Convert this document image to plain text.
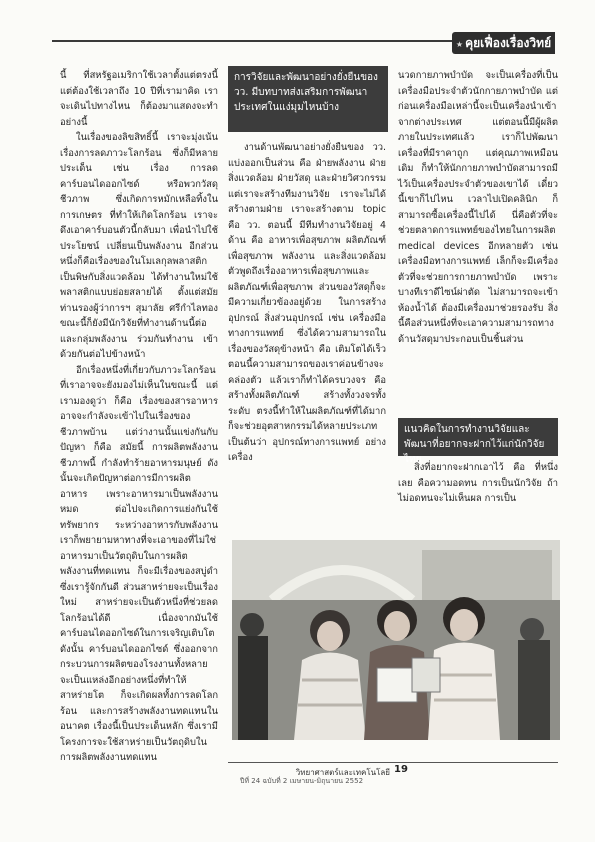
★ คุยเฟื่องเรื่องวิทย์

นี้ ที่สหรัฐอเมริกาใช้เวลาตั้งแต่ตรงนี้ แต่ต้องใช้เวลาถึง 10 ปีที่เรามาคิด เราจะเดินไปทางไหน ก็ต้องมาแสดงจะทำอย่างนี้

ในเรื่องของลิขสิทธิ์นี้ เราจะมุ่งเน้นเรื่องการลดภาวะโลกร้อน ซึ่งก็มีหลายประเด็น เช่น เรื่อง การลดคาร์บอนไดออกไซด์ หรือพวกวัสดุชีวภาพ ซึ่งเกิดการหมักเหลือทิ้งในการเกษตร ที่ทำให้เกิดโลกร้อน เราจะดึงเอาคาร์บอนตัวนี้กลับมา เพื่อนำไปใช้ประโยชน์ เปลี่ยนเป็นพลังงาน อีกส่วนหนึ่งก็คือเรื่องของในโมเลกุลพลาสติก เป็นพิษกับสิ่งแวดล้อม ได้ทำงานใหม่ใช้พลาสติกแบบย่อยสลายได้ ตั้งแต่สมัย ท่านรองผู้ว่าการฯ สุมาลัย ศรีกำไลทอง ขณะนี้ก็ยังมีนักวิจัยที่ทำงานด้านนี้ต่อ และกลุ่มพลังงาน ร่วมกันทำงาน เข้าด้วยกันต่อไปข้างหน้า

อีกเรื่องหนึ่งที่เกี่ยวกับภาวะโลกร้อน ที่เราอาจจะยังมองไม่เห็นในขณะนี้ แต่เรามองดูว่า ก็คือ เรื่องของสารอาหาร อาจจะกำลังจะเข้าไปในเรื่องของชีวภาพบ้าน แต่ว่างานนั้นแข่งกันกับปัญหา ก็คือ สมัยนี้ การผลิตพลังงานชีวภาพนี้ กำลังทำร้ายอาหารมนุษย์ ดังนั้นจะเกิดปัญหาต่อการมีการผลิตอาหาร เพราะอาหารมาเป็นพลังงานหมด ต่อไปจะเกิดการแย่งกันใช้ทรัพยากร ระหว่างอาหารกับพลังงาน เราก็พยายามหาทางที่จะเอาของที่ไม่ใช่อาหารมาเป็นวัตถุดิบในการผลิตพลังงานที่ทดแทน ก็จะมีเรื่องของสบู่ดำ ซึ่งเรารู้จักกันดี ส่วนสาหร่ายจะเป็นเรื่องใหม่ สาหร่ายจะเป็นตัวหนึ่งที่ช่วยลดโลกร้อนได้ดี เนื่องจากมันใช้คาร์บอนไดออกไซด์ในการเจริญเติบโต ดังนั้น คาร์บอนไดออกไซด์ ซึ่งออกจากกระบวนการผลิตของโรงงานทั้งหลาย จะเป็นแหล่งอีกอย่างหนึ่งที่ทำให้สาหร่ายโต ก็จะเกิดผลทั้งการลดโลกร้อน และการสร้างพลังงานทดแทนในอนาคต เรื่องนี้เป็นประเด็นหลัก ซึ่งเรามีโครงการจะใช้สาหร่ายเป็นวัตถุดิบในการผลิตพลังงานทดแทน

การวิจัยและพัฒนาอย่างยั่งยืนของ วว. มีบทบาทส่งเสริมการพัฒนาประเทศในแง่มุมไหนบ้าง

งานด้านพัฒนาอย่างยั่งยืนของ วว. แบ่งออกเป็นส่วน คือ ฝ่ายพลังงาน ฝ่ายสิ่งแวดล้อม ฝ่ายวัสดุ และฝ่ายวิศวกรรม แต่เราจะสร้างทีมงานวิจัย เราจะไม่ได้สร้างตามฝ่าย เราจะสร้างตาม topic คือ วว. ตอนนี้ มีทีมทำงานวิจัยอยู่ 4 ด้าน คือ อาหารเพื่อสุขภาพ ผลิตภัณฑ์เพื่อสุขภาพ พลังงาน และสิ่งแวดล้อม ตัวพูดถึงเรื่องอาหารเพื่อสุขภาพและผลิตภัณฑ์เพื่อสุขภาพ ส่วนของวัสดุก็จะมีความเกี่ยวข้องอยู่ด้วย ในการสร้างอุปกรณ์ สิ่งส่วนอุปกรณ์ เช่น เครื่องมือทางการแพทย์ ซึ่งได้ความสามารถในเรื่องของวัสดุข้างหน้า คือ เติมโตได้เร็ว ตอนนี้ความสามารถของเราค่อนข้างจะคล่องตัว แล้วเราก็ทำได้ครบวงจร คือ สร้างทั้งผลิตภัณฑ์ สร้างทั้งวงจรทั้งระดับ ตรงนี้ทำให้ในผลิตภัณฑ์ที่ได้มาก ก็จะช่วยอุตสาหกรรมได้หลายประเภท เป็นต้นว่า อุปกรณ์ทางการแพทย์ อย่างเครื่อง

นวดกายภาพบำบัด จะเป็นเครื่องที่เป็นเครื่องมือประจำตัวนักกายภาพบำบัด แต่ก่อนเครื่องมือเหล่านี้จะเป็นเครื่องนำเข้าจากต่างประเทศ แต่ตอนนี้มีผู้ผลิตภายในประเทศแล้ว เราก็ไปพัฒนาเครื่องที่มีราคาถูก แต่คุณภาพเหมือนเดิม ก็ทำให้นักกายภาพบำบัดสามารถมีไว้เป็นเครื่องประจำตัวของเขาได้ เดี๋ยวนี้เขาก็ไปไหน เวลาไปเปิดคลินิก ก็สามารถซื้อเครื่องนี้ไปได้ นี่คือตัวที่จะช่วยตลาดการแพทย์ของไทยในการผลิต medical devices อีกหลายตัว เช่นเครื่องมือทางการแพทย์ เล็กก็จะมีเครื่องตัวที่จะช่วยการกายภาพบำบัด เพราะบางทีเราดีไซน์ผ่าตัด ไม่สามารถจะเข้าห้องน้ำได้ ต้องมีเครื่องมาช่วยรองรับ สิ่งนี้คือส่วนหนึ่งที่จะเอาความสามารถทางด้านวัสดุมาประกอบเป็นชิ้นส่วน

แนวคิดในการทำงานวิจัยและพัฒนาที่อยากจะฝากไว้แก่นักวิจัยไทย

สิ่งที่อยากจะฝากเอาไว้ คือ ที่หนึ่งเลย คือความอดทน การเป็นนักวิจัย ถ้าไม่อดทนจะไม่เห็นผล การเป็น

วิทยาศาสตร์และเทคโนโลยี 19
ปีที่ 24 ฉบับที่ 2 เมษายน-มิถุนายน 2552
